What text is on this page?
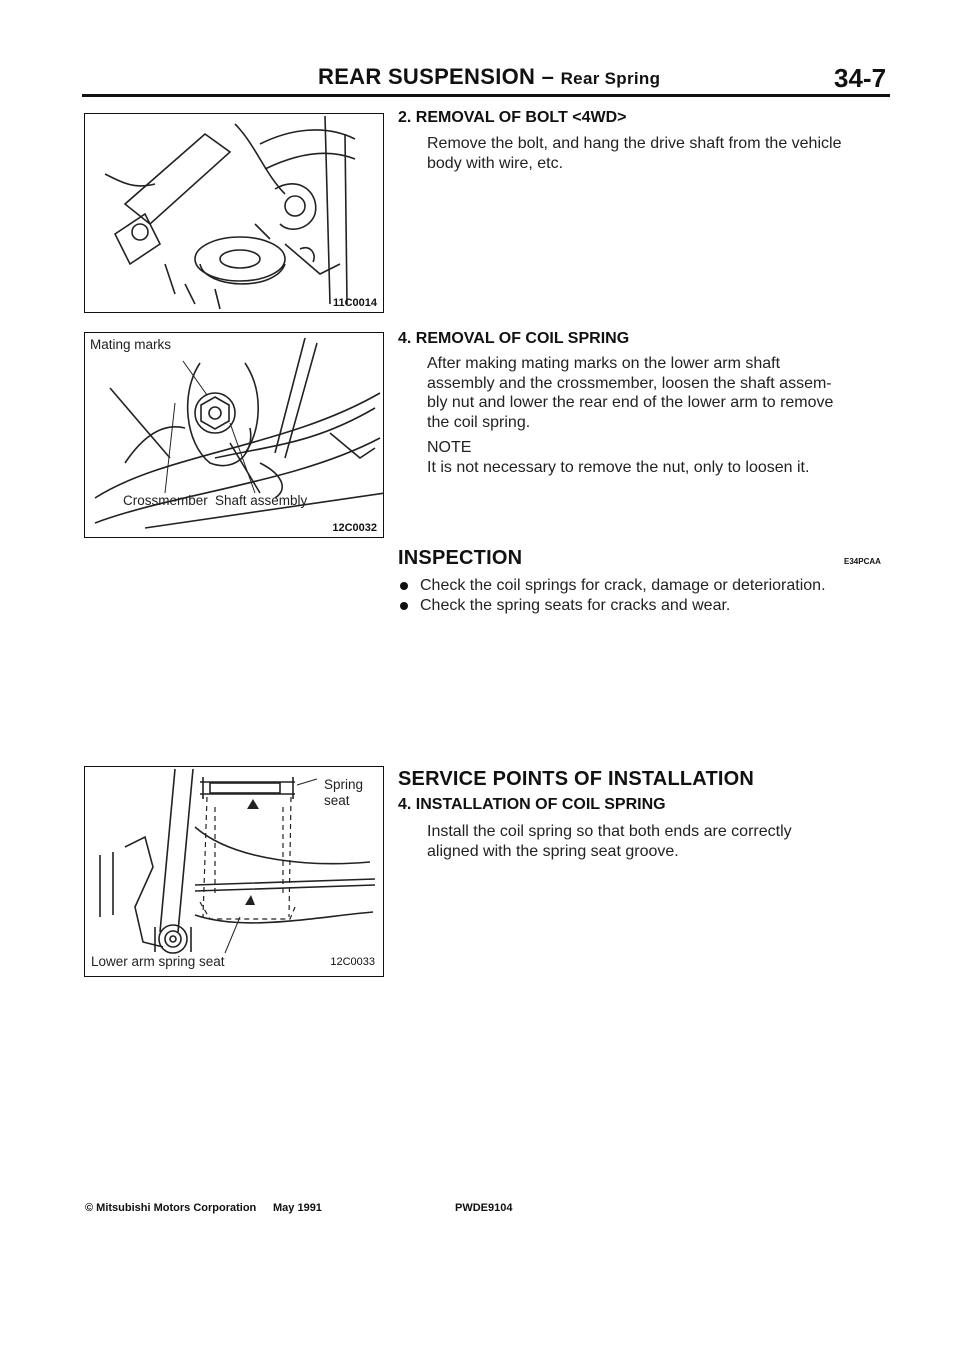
REAR SUSPENSION – Rear Spring	34-7
11C0014
Mating marks
Crossmember Shaft assembly
12C0032
Spring
seat
Lower arm spring seat	12C0033
2. REMOVAL OF BOLT <4WD>
Remove the bolt, and hang the drive shaft from the vehicle
body with wire, etc.
4. REMOVAL OF COIL SPRING
After making mating marks on the lower arm shaft
assembly and the crossmember, loosen the shaft assem-
bly nut and lower the rear end of the lower arm to remove
the coil spring.
NOTE
It is not necessary to remove the nut, only to loosen it.
INSPECTION	E34PCAA
Check the coil springs for crack, damage or deterioration.
Check the spring seats for cracks and wear.
SERVICE POINTS OF INSTALLATION
4. INSTALLATION OF COIL SPRING
Install the coil spring so that both ends are correctly
aligned with the spring seat groove.
© Mitsubishi Motors Corporation May 1991	PWDE9104
